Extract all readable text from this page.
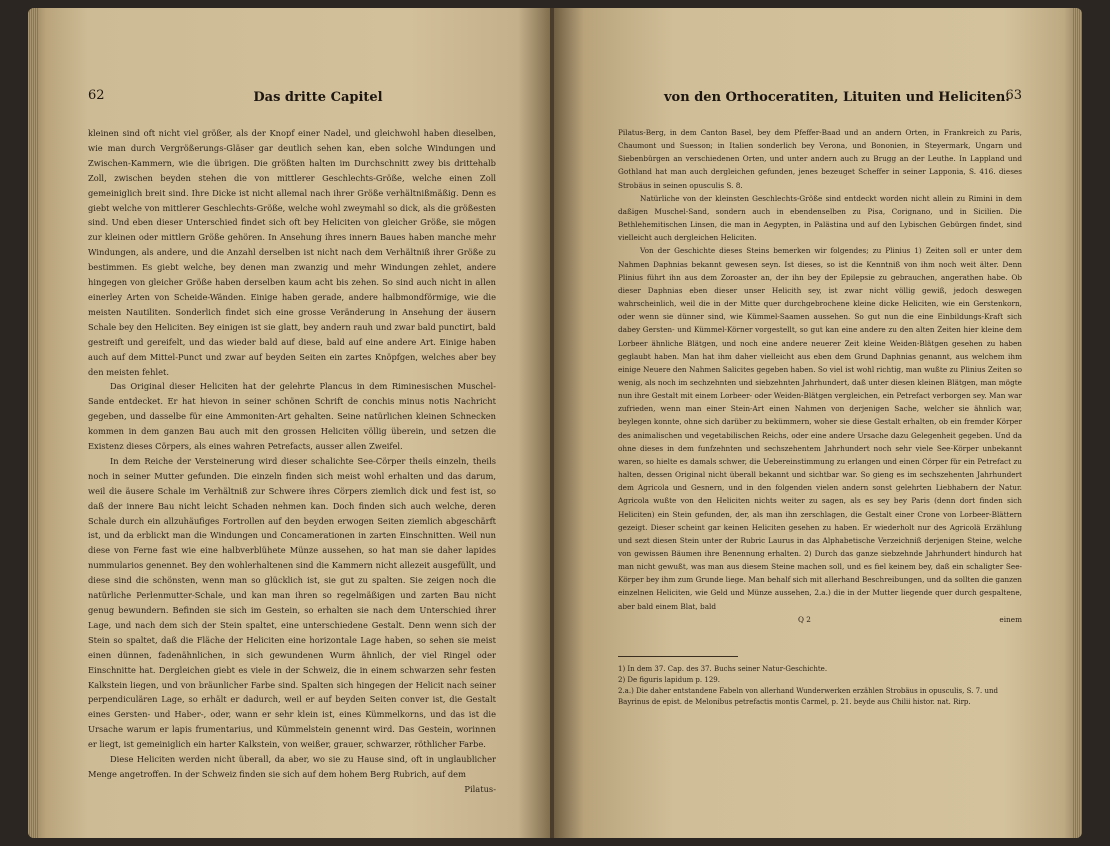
62	Das dritte Capitel

kleinen sind oft nicht viel größer, als der Knopf einer Nadel, und gleichwohl haben dieselben, wie man durch Vergrößerungs-Gläser gar deutlich sehen kan, eben solche Windungen und Zwischen-Kammern, wie die übrigen. Die größten halten im Durchschnitt zwey bis drittehalb Zoll, zwischen beyden stehen die von mittlerer Geschlechts-Größe, welche einen Zoll gemeiniglich breit sind. Ihre Dicke ist nicht allemal nach ihrer Größe verhältnißmäßig. Denn es giebt welche von mittlerer Geschlechts-Größe, welche wohl zweymahl so dick, als die größesten sind. Und eben dieser Unterschied findet sich oft bey Heliciten von gleicher Größe, sie mögen zur kleinen oder mittlern Größe gehören. In Ansehung ihres innern Baues haben manche mehr Windungen, als andere, und die Anzahl derselben ist nicht nach dem Verhältniß ihrer Größe zu bestimmen. Es giebt welche, bey denen man zwanzig und mehr Windungen zehlet, andere hingegen von gleicher Größe haben derselben kaum acht bis zehen. So sind auch nicht in allen einerley Arten von Scheide-Wänden. Einige haben gerade, andere halbmondförmige, wie die meisten Nautiliten. Sonderlich findet sich eine grosse Veränderung in Ansehung der äusern Schale bey den Heliciten. Bey einigen ist sie glatt, bey andern rauh und zwar bald punctirt, bald gestreift und gereifelt, und das wieder bald auf diese, bald auf eine andere Art. Einige haben auch auf dem Mittel-Punct und zwar auf beyden Seiten ein zartes Knöpfgen, welches aber bey den meisten fehlet.

Das Original dieser Heliciten hat der gelehrte Plancus in dem Riminesischen Muschel-Sande entdecket. Er hat hievon in seiner schönen Schrift de conchis minus notis Nachricht gegeben, und dasselbe für eine Ammoniten-Art gehalten. Seine natürlichen kleinen Schnecken kommen in dem ganzen Bau auch mit den grossen Heliciten völlig überein, und setzen die Existenz dieses Cörpers, als eines wahren Petrefacts, ausser allen Zweifel.

In dem Reiche der Versteinerung wird dieser schalichte See-Cörper theils einzeln, theils noch in seiner Mutter gefunden. Die einzeln finden sich meist wohl erhalten und das darum, weil die äusere Schale im Verhältniß zur Schwere ihres Cörpers ziemlich dick und fest ist, so daß der innere Bau nicht leicht Schaden nehmen kan. Doch finden sich auch welche, deren Schale durch ein allzuhäufiges Fortrollen auf den beyden erwogen Seiten ziemlich abgeschärft ist, und da erblickt man die Windungen und Concamerationen in zarten Einschnitten. Weil nun diese von Ferne fast wie eine halbverblühete Münze aussehen, so hat man sie daher lapides nummularios genennet. Bey den wohlerhaltenen sind die Kammern nicht allezeit ausgefüllt, und diese sind die schönsten, wenn man so glücklich ist, sie gut zu spalten. Sie zeigen noch die natürliche Perlenmutter-Schale, und kan man ihren so regelmäßigen und zarten Bau nicht genug bewundern. Befinden sie sich im Gestein, so erhalten sie nach dem Unterschied ihrer Lage, und nach dem sich der Stein spaltet, eine unterschiedene Gestalt. Denn wenn sich der Stein so spaltet, daß die Fläche der Heliciten eine horizontale Lage haben, so sehen sie meist einen dünnen, fadenähnlichen, in sich gewundenen Wurm ähnlich, der viel Ringel oder Einschnitte hat. Dergleichen giebt es viele in der Schweiz, die in einem schwarzen sehr festen Kalkstein liegen, und von bräunlicher Farbe sind. Spalten sich hingegen der Helicit nach seiner perpendiculären Lage, so erhält er dadurch, weil er auf beyden Seiten conver ist, die Gestalt eines Gersten- und Haber-, oder, wann er sehr klein ist, eines Kümmelkorns, und das ist die Ursache warum er lapis frumentarius, und Kümmelstein genennt wird. Das Gestein, worinnen er liegt, ist gemeiniglich ein harter Kalkstein, von weißer, grauer, schwarzer, röthlicher Farbe.

Diese Heliciten werden nicht überall, da aber, wo sie zu Hause sind, oft in unglaublicher Menge angetroffen. In der Schweiz finden sie sich auf dem hohem Berg Rubrich, auf dem

Pilatus-
von den Orthoceratiten, Lituiten und Heliciten.
63

Pilatus-Berg, in dem Canton Basel, bey dem Pfeffer-Baad und an andern Orten, in Frankreich zu Paris, Chaumont und Suesson; in Italien sonderlich bey Verona, und Bononien, in Steyermark, Ungarn und Siebenbürgen an verschiedenen Orten, und unter andern auch zu Brugg an der Leuthe. In Lappland und Gothland hat man auch dergleichen gefunden, jenes bezeuget Scheffer in seiner Lapponia, S. 416. dieses Strobäus in seinen opusculis S. 8.

Natürliche von der kleinsten Geschlechts-Größe sind entdeckt worden nicht allein zu Rimini in dem daßigen Muschel-Sand, sondern auch in ebendenselben zu Pisa, Corignano, und in Sicilien. Die Bethlehemitischen Linsen, die man in Aegypten, in Palästina und auf den Lybischen Gebürgen findet, sind vielleicht auch dergleichen Heliciten.

Von der Geschichte dieses Steins bemerken wir folgendes; zu Plinius 1) Zeiten soll er unter dem Nahmen Daphnias bekannt gewesen seyn. Ist dieses, so ist die Kenntniß von ihm noch weit älter. Denn Plinius führt ihn aus dem Zoroaster an, der ihn bey der Epilepsie zu gebrauchen, angerathen habe. Ob dieser Daphnias eben dieser unser Helicith sey, ist zwar nicht völlig gewiß, jedoch deswegen wahrscheinlich, weil die in der Mitte quer durchgebrochene kleine dicke Heliciten, wie ein Gerstenkorn, oder wenn sie dünner sind, wie Kümmel-Saamen aussehen. So gut nun die eine Einbildungs-Kraft sich dabey Gersten- und Kümmel-Körner vorgestellt, so gut kan eine andere zu den alten Zeiten hier kleine dem Lorbeer ähnliche Blätgen, und noch eine andere neuerer Zeit kleine Weiden-Blätgen gesehen zu haben geglaubt haben. Man hat ihm daher vielleicht aus eben dem Grund Daphnias genannt, aus welchem ihm einige Neuere den Nahmen Salicites gegeben haben. So viel ist wohl richtig, man wußte zu Plinius Zeiten so wenig, als noch im sechzehnten und siebzehnten Jahrhundert, daß unter diesen kleinen Blätgen, man mögte nun ihre Gestalt mit einem Lorbeer- oder Weiden-Blätgen vergleichen, ein Petrefact verborgen sey. Man war zufrieden, wenn man einer Stein-Art einen Nahmen von derjenigen Sache, welcher sie ähnlich war, beylegen konnte, ohne sich darüber zu bekümmern, woher sie diese Gestalt erhalten, ob ein fremder Körper des animalischen und vegetabilischen Reichs, oder eine andere Ursache dazu Gelegenheit gegeben. Und da ohne dieses in dem funfzehnten und sechszehentem Jahrhundert noch sehr viele See-Körper unbekannt waren, so hielte es damals schwer, die Uebereinstimmung zu erlangen und einen Cörper für ein Petrefact zu halten, dessen Original nicht überall bekannt und sichtbar war. So gieng es im sechszehenten Jahrhundert dem Agricola und Gesnern, und in den folgenden vielen andern sonst gelehrten Liebhabern der Natur. Agricola wußte von den Heliciten nichts weiter zu sagen, als es sey bey Paris (denn dort finden sich Heliciten) ein Stein gefunden, der, als man ihn zerschlagen, die Gestalt einer Crone von Lorbeer-Blättern gezeigt. Dieser scheint gar keinen Heliciten gesehen zu haben. Er wiederholt nur des Agricolä Erzählung und sezt diesen Stein unter der Rubric Laurus in das Alphabetische Verzeichniß derjenigen Steine, welche von gewissen Bäumen ihre Benennung erhalten. 2) Durch das ganze siebzehnde Jahrhundert hindurch hat man nicht gewußt, was man aus diesem Steine machen soll, und es fiel keinem bey, daß ein schaligter See-Körper bey ihm zum Grunde liege. Man behalf sich mit allerhand Beschreibungen, und da sollten die ganzen einzelnen Heliciten, wie Geld und Münze aussehen, 2.a.) die in der Mutter liegende quer durch gespaltene, aber bald einem Blat, bald

Q 2	einem
1) In dem 37. Cap. des 37. Buchs seiner Natur-Geschichte.
2) De figuris lapidum p. 129.
2.a.) Die daher entstandene Fabeln von allerhand Wunderwerken erzählen Strobäus in opusculis, S. 7. und Bayrinus de epist. de Melonibus petrefactis montis Carmel, p. 21. beyde aus Chilii histor. nat. Rirp.
